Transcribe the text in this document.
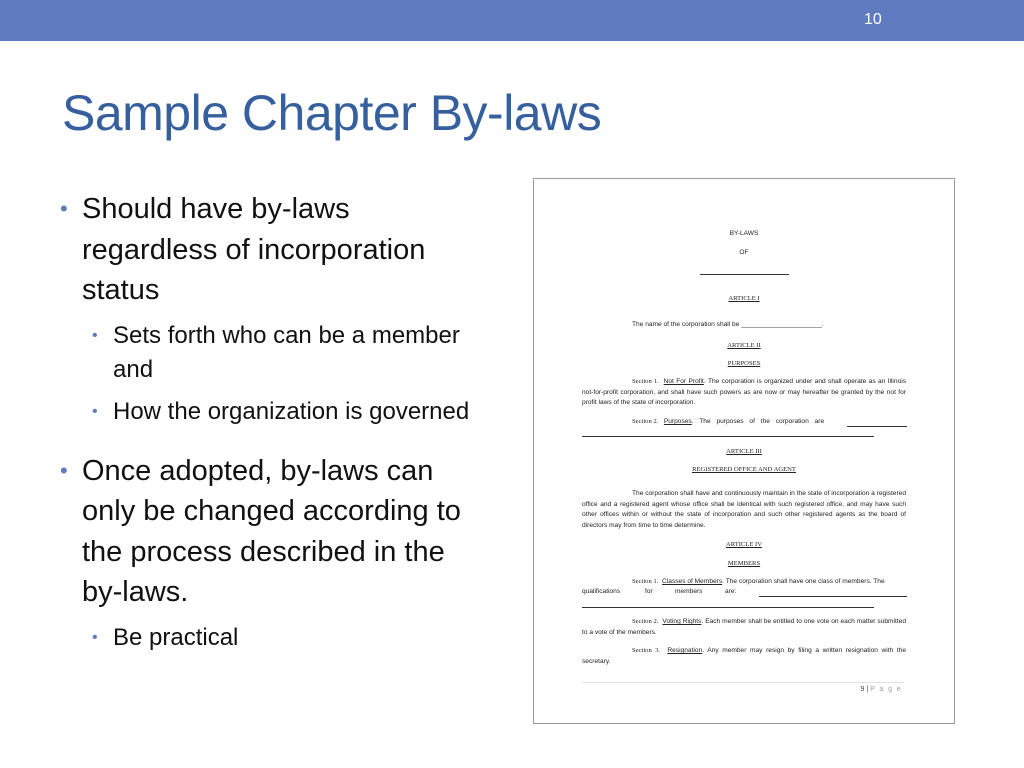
10
Sample Chapter By-laws
• Should have by-laws regardless of incorporation status
• Sets forth who can be a member and
• How the organization is governed
• Once adopted, by-laws can only be changed according to the process described in the by-laws.
• Be practical
BY-LAWS
OF
ARTICLE I
The name of the corporation shall be ______________________.
ARTICLE II
PURPOSES
Section 1. Not For Profit. The corporation is organized under and shall operate as an Illinois not-for-profit corporation, and shall have such powers as are now or may hereafter be granted by the not for profit laws of the state of incorporation.
Section 2. Purposes. The purposes of the corporation are
ARTICLE III
REGISTERED OFFICE AND AGENT
The corporation shall have and continuously maintain in the state of incorporation a registered office and a registered agent whose office shall be identical with such registered office, and may have such other offices within or without the state of incorporation and such other registered agents as the board of directors may from time to time determine.
ARTICLE IV
MEMBERS
Section 1. Classes of Members. The corporation shall have one class of members. The
qualifications	for	members	are:
Section 2. Voting Rights. Each member shall be entitled to one vote on each matter submitted to a vote of the members.
Section 3. Resignation. Any member may resign by filing a written resignation with the secretary.
9 | P a g e
